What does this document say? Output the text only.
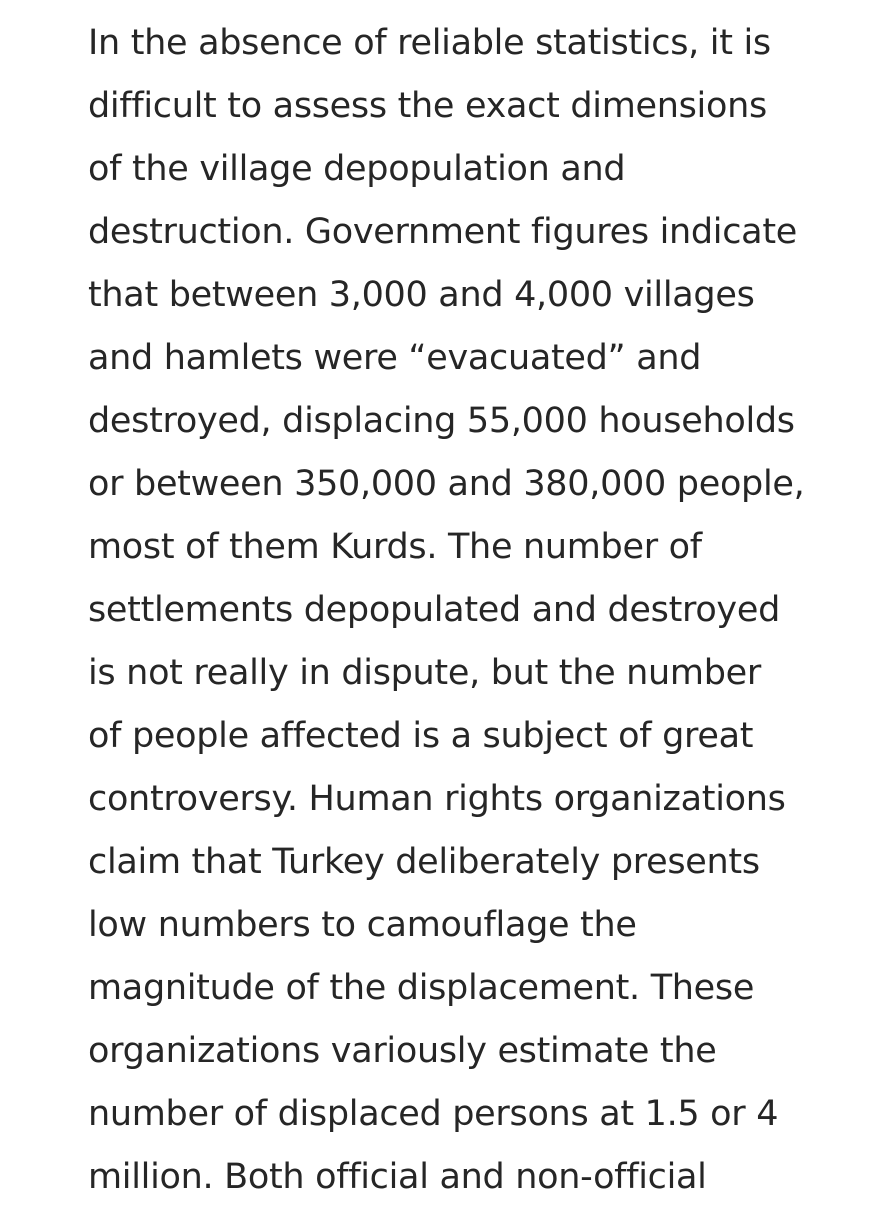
In the absence of reliable statistics, it is
difficult to assess the exact dimensions
of the village depopulation and
destruction. Government figures indicate
that between 3,000 and 4,000 villages
and hamlets were “evacuated” and
destroyed, displacing 55,000 households
or between 350,000 and 380,000 people,
most of them Kurds. The number of
settlements depopulated and destroyed
is not really in dispute, but the number
of people affected is a subject of great
controversy. Human rights organizations
claim that Turkey deliberately presents
low numbers to camouflage the
magnitude of the displacement. These
organizations variously estimate the
number of displaced persons at 1.5 or 4
million. Both official and non-official
